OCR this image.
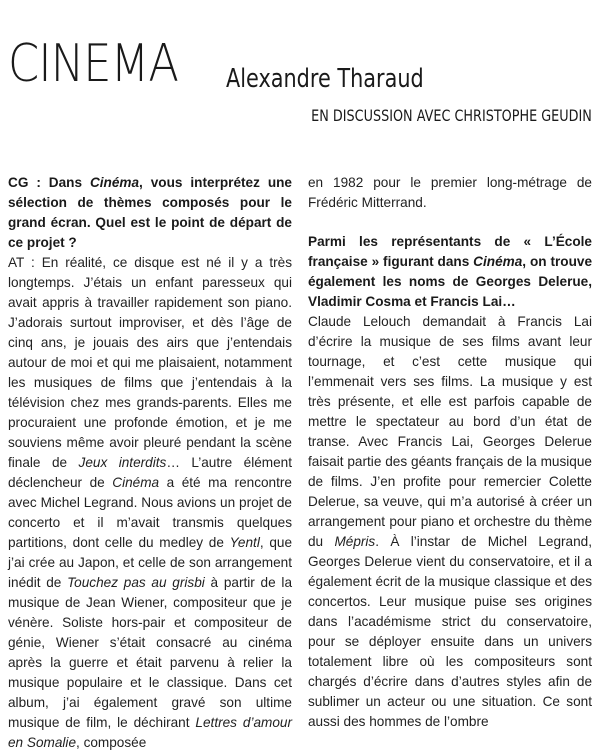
CINEMA Alexandre Tharaud
EN DISCUSSION AVEC CHRISTOPHE GEUDIN

CG : Dans Cinéma, vous interprétez une sélection de thèmes composés pour le grand écran. Quel est le point de départ de ce projet ?

AT : En réalité, ce disque est né il y a très longtemps. J’étais un enfant paresseux qui avait appris à travailler rapidement son piano. J’adorais surtout improviser, et dès l’âge de cinq ans, je jouais des airs que j’entendais autour de moi et qui me plaisaient, notamment les musiques de films que j’entendais à la télévision chez mes grands-parents. Elles me procuraient une profonde émotion, et je me souviens même avoir pleuré pendant la scène finale de Jeux interdits… L’autre élément déclencheur de Cinéma a été ma rencontre avec Michel Legrand. Nous avions un projet de concerto et il m’avait transmis quelques partitions, dont celle du medley de Yentl, que j’ai crée au Japon, et celle de son arrangement inédit de Touchez pas au grisbi à partir de la musique de Jean Wiener, compositeur que je vénère. Soliste hors-pair et compositeur de génie, Wiener s’était consacré au cinéma après la guerre et était parvenu à relier la musique populaire et le classique. Dans cet album, j’ai également gravé son ultime musique de film, le déchirant Lettres d’amour en Somalie, composée

en 1982 pour le premier long-métrage de Frédéric Mitterrand.

Parmi les représentants de « L’École française » figurant dans Cinéma, on trouve également les noms de Georges Delerue, Vladimir Cosma et Francis Lai…

Claude Lelouch demandait à Francis Lai d’écrire la musique de ses films avant leur tournage, et c’est cette musique qui l’emmenait vers ses films. La musique y est très présente, et elle est parfois capable de mettre le spectateur au bord d’un état de transe. Avec Francis Lai, Georges Delerue faisait partie des géants français de la musique de films. J’en profite pour remercier Colette Delerue, sa veuve, qui m’a autorisé à créer un arrangement pour piano et orchestre du thème du Mépris. À l’instar de Michel Legrand, Georges Delerue vient du conservatoire, et il a également écrit de la musique classique et des concertos. Leur musique puise ses origines dans l’académisme strict du conservatoire, pour se déployer ensuite dans un univers totalement libre où les compositeurs sont chargés d’écrire dans d’autres styles afin de sublimer un acteur ou une situation. Ce sont aussi des hommes de l’ombre
